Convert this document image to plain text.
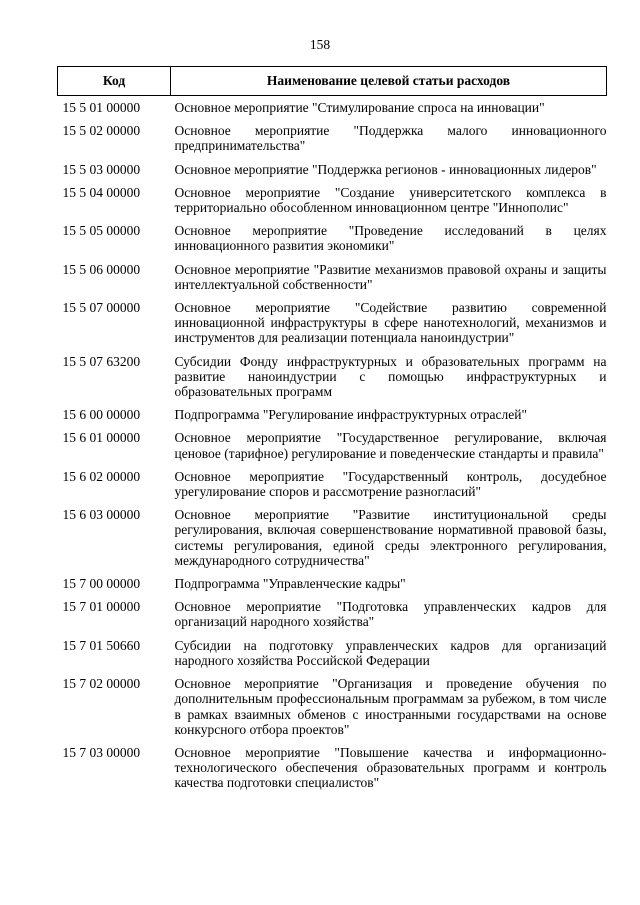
158
Код	Наименование целевой статьи расходов
15 5 01 00000	Основное мероприятие "Стимулирование спроса на инновации"
15 5 02 00000	Основное мероприятие "Поддержка малого инновационного предпринимательства"
15 5 03 00000	Основное мероприятие "Поддержка регионов - инновационных лидеров"
15 5 04 00000	Основное мероприятие "Создание университетского комплекса в территориально обособленном инновационном центре "Иннополис"
15 5 05 00000	Основное мероприятие "Проведение исследований в целях инновационного развития экономики"
15 5 06 00000	Основное мероприятие "Развитие механизмов правовой охраны и защиты интеллектуальной собственности"
15 5 07 00000	Основное мероприятие "Содействие развитию современной инновационной инфраструктуры в сфере нанотехнологий, механизмов и инструментов для реализации потенциала наноиндустрии"
15 5 07 63200	Субсидии Фонду инфраструктурных и образовательных программ на развитие наноиндустрии с помощью инфраструктурных и образовательных программ
15 6 00 00000	Подпрограмма "Регулирование инфраструктурных отраслей"
15 6 01 00000	Основное мероприятие "Государственное регулирование, включая ценовое (тарифное) регулирование и поведенческие стандарты и правила"
15 6 02 00000	Основное мероприятие "Государственный контроль, досудебное урегулирование споров и рассмотрение разногласий"
15 6 03 00000	Основное мероприятие "Развитие институциональной среды регулирования, включая совершенствование нормативной правовой базы, системы регулирования, единой среды электронного регулирования, международного сотрудничества"
15 7 00 00000	Подпрограмма "Управленческие кадры"
15 7 01 00000	Основное мероприятие "Подготовка управленческих кадров для организаций народного хозяйства"
15 7 01 50660	Субсидии на подготовку управленческих кадров для организаций народного хозяйства Российской Федерации
15 7 02 00000	Основное мероприятие "Организация и проведение обучения по дополнительным профессиональным программам за рубежом, в том числе в рамках взаимных обменов с иностранными государствами на основе конкурсного отбора проектов"
15 7 03 00000	Основное мероприятие "Повышение качества и информационно-технологического обеспечения образовательных программ и контроль качества подготовки специалистов"
